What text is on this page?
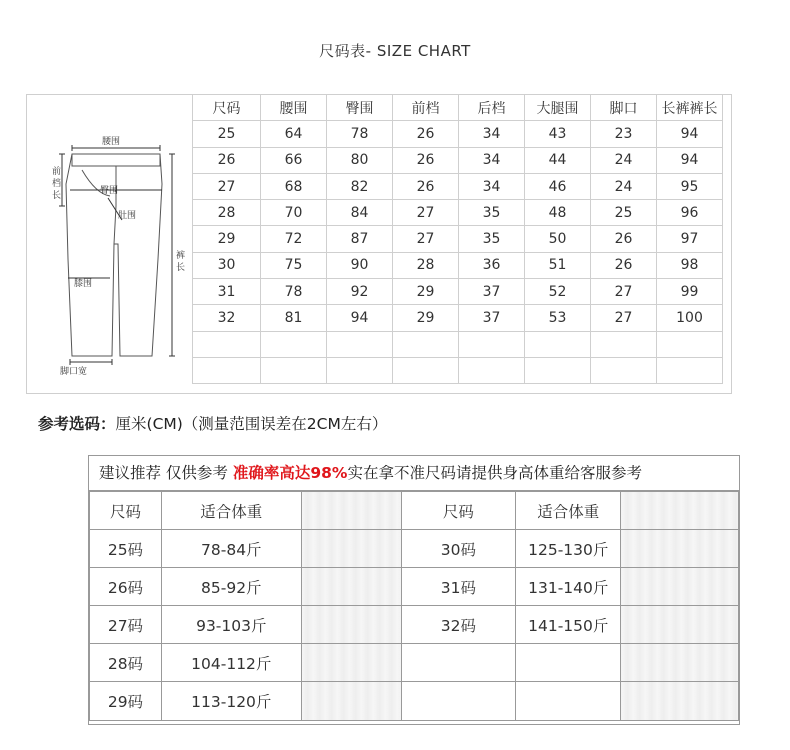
尺码表- SIZE CHART
腰围
前
档
长	臀围
肚围
裤
长
膝围
脚口宽
尺码	腰围	臀围	前档	后档	大腿围	脚口	长裤裤长
25	64	78	26	34	43	23	94
26	66	80	26	34	44	24	94
27	68	82	26	34	46	24	95
28	70	84	27	35	48	25	96
29	72	87	27	35	50	26	97
30	75	90	28	36	51	26	98
31	78	92	29	37	52	27	99
32	81	94	29	37	53	27	100

参考选码：厘米(CM)（测量范围误差在2CM左右）
建议推荐 仅供参考 准确率高达98%实在拿不准尺码请提供身高体重给客服参考
尺码	适合体重		尺码	适合体重	
25码	78-84斤		30码	125-130斤	
26码	85-92斤		31码	131-140斤	
27码	93-103斤		32码	141-150斤	
28码	104-112斤				
29码	113-120斤				
